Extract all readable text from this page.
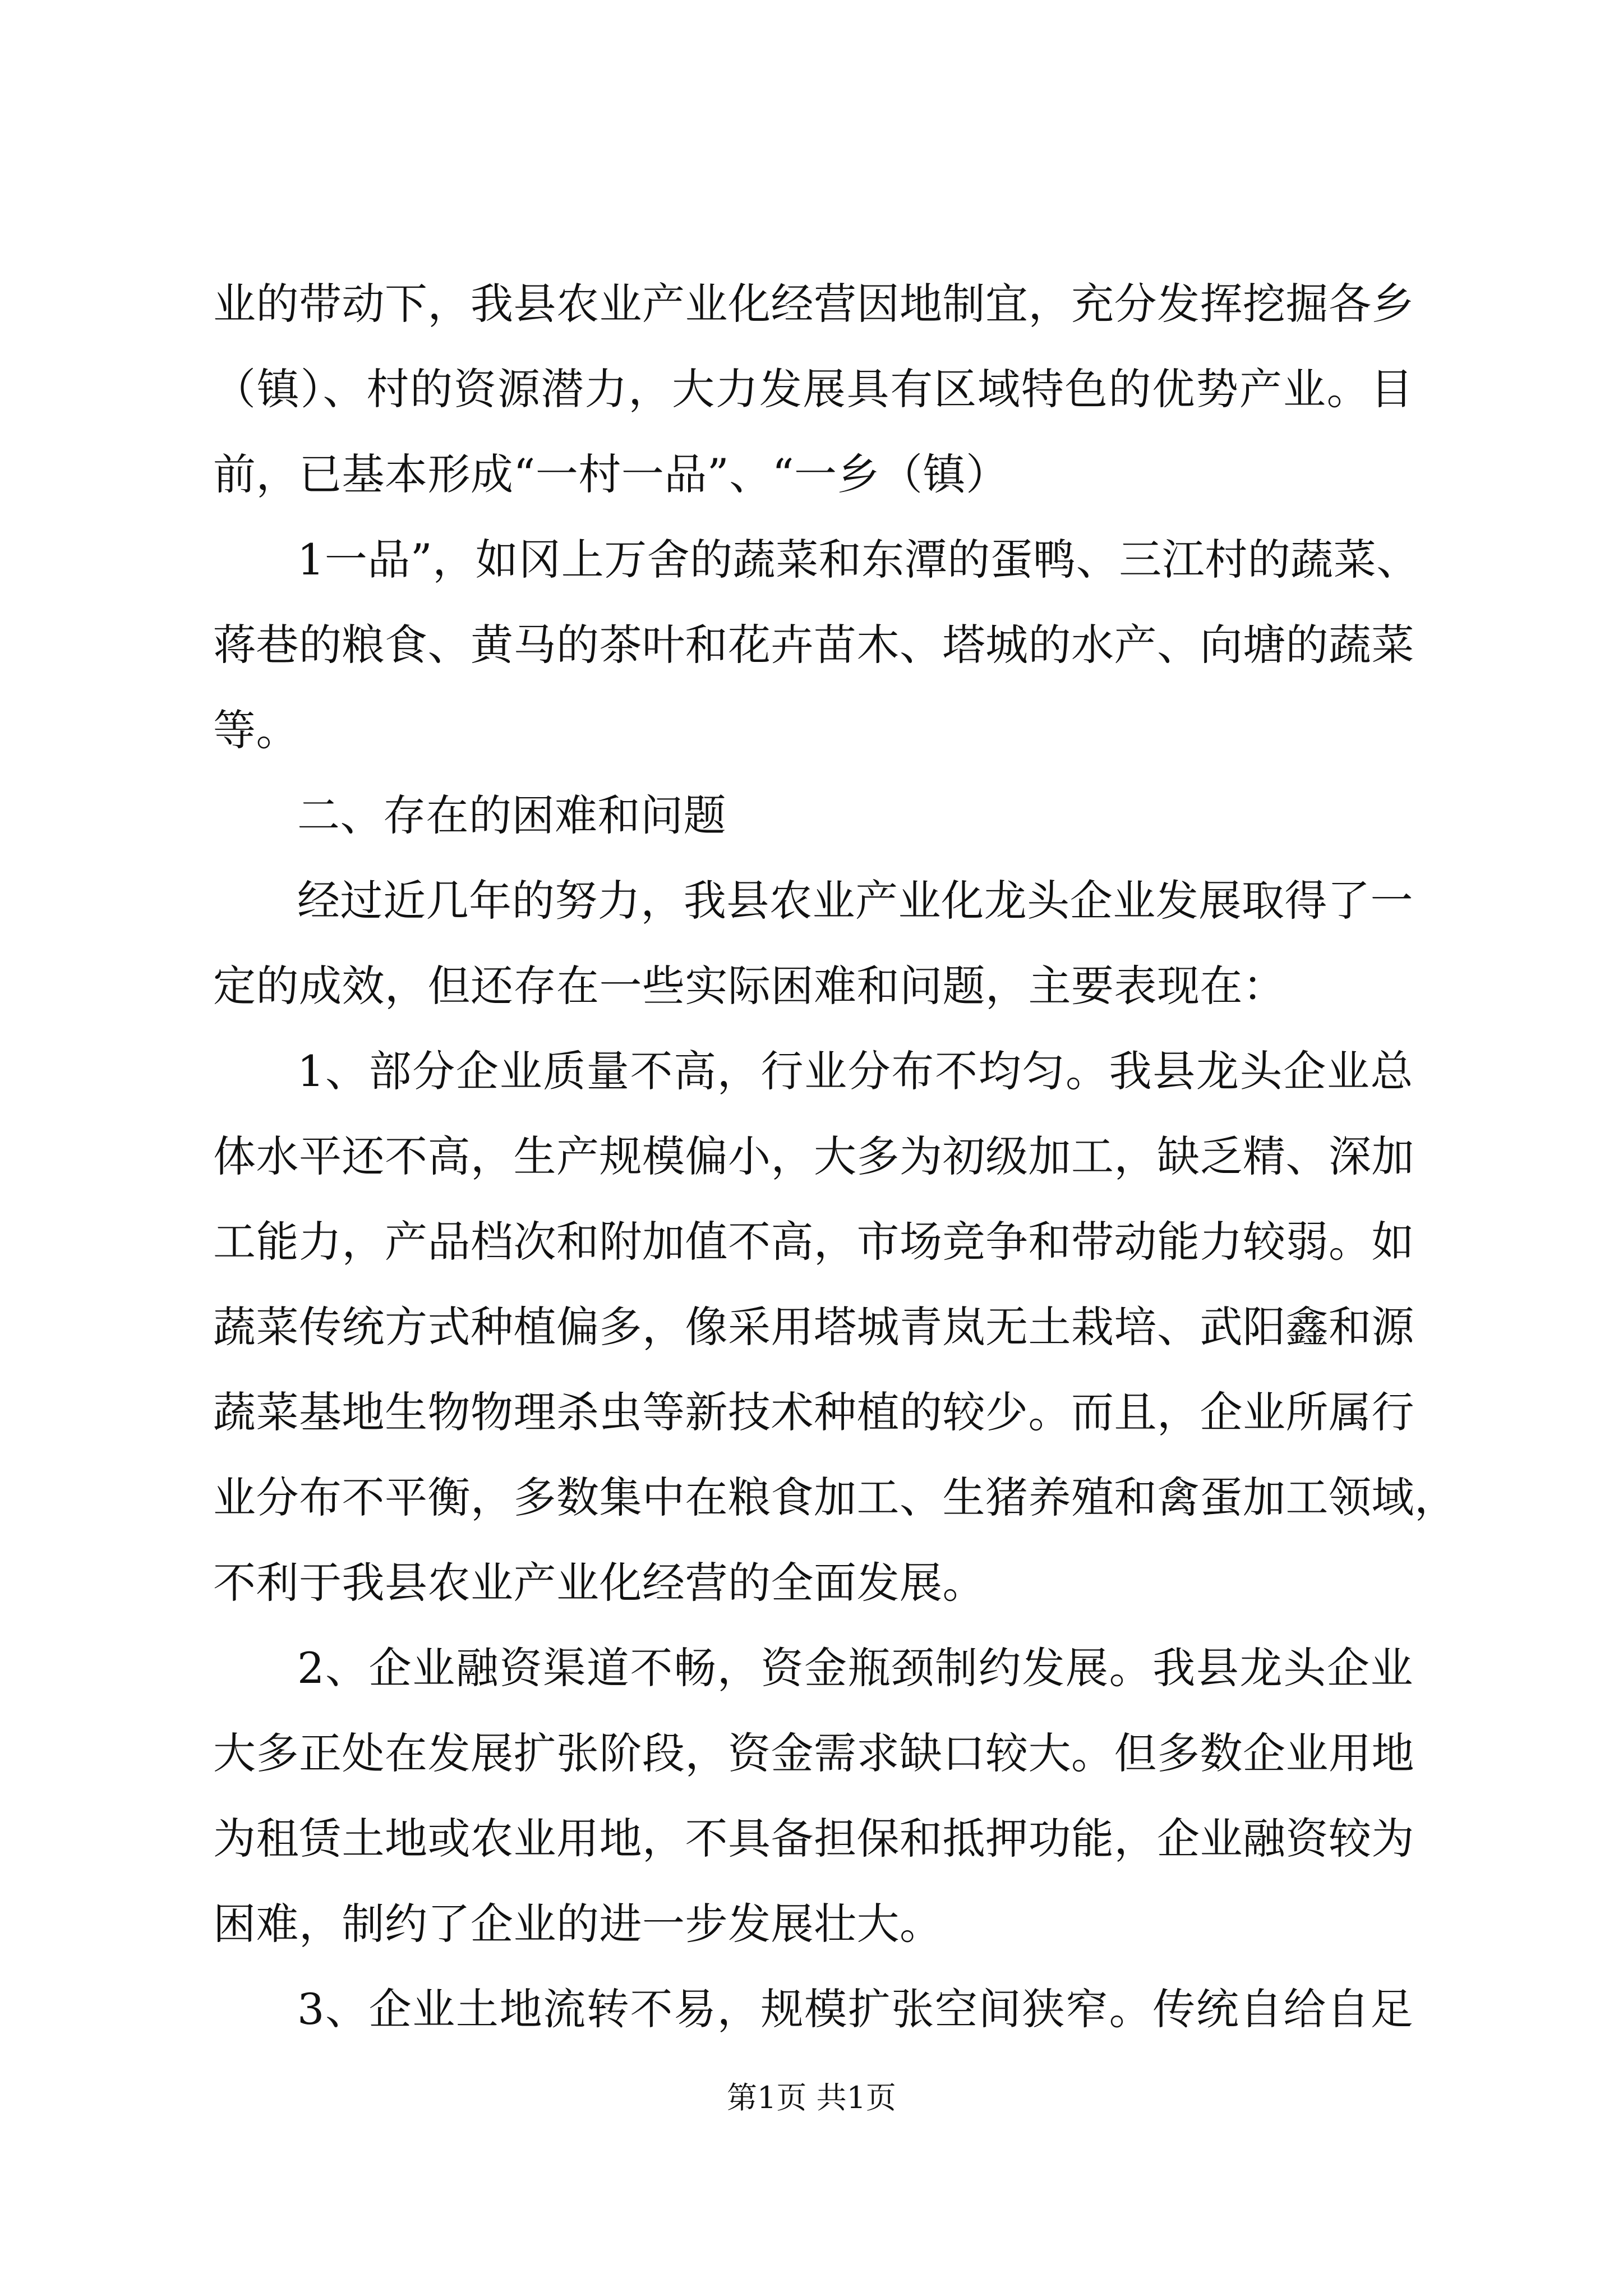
业的带动下，我县农业产业化经营因地制宜，充分发挥挖掘各乡
（镇）、村的资源潜力，大力发展具有区域特色的优势产业。目
前，已基本形成“一村一品”、“一乡（镇）
1一品”，如冈上万舍的蔬菜和东潭的蛋鸭、三江村的蔬菜、
蒋巷的粮食、黄马的茶叶和花卉苗木、塔城的水产、向塘的蔬菜
等。
二、存在的困难和问题
经过近几年的努力，我县农业产业化龙头企业发展取得了一
定的成效，但还存在一些实际困难和问题，主要表现在：
1、部分企业质量不高，行业分布不均匀。我县龙头企业总
体水平还不高，生产规模偏小，大多为初级加工，缺乏精、深加
工能力，产品档次和附加值不高，市场竞争和带动能力较弱。如
蔬菜传统方式种植偏多，像采用塔城青岚无土栽培、武阳鑫和源
蔬菜基地生物物理杀虫等新技术种植的较少。而且，企业所属行
业分布不平衡，多数集中在粮食加工、生猪养殖和禽蛋加工领域，
不利于我县农业产业化经营的全面发展。
2、企业融资渠道不畅，资金瓶颈制约发展。我县龙头企业
大多正处在发展扩张阶段，资金需求缺口较大。但多数企业用地
为租赁土地或农业用地，不具备担保和抵押功能，企业融资较为
困难，制约了企业的进一步发展壮大。
3、企业土地流转不易，规模扩张空间狭窄。传统自给自足
第1页 共1页
